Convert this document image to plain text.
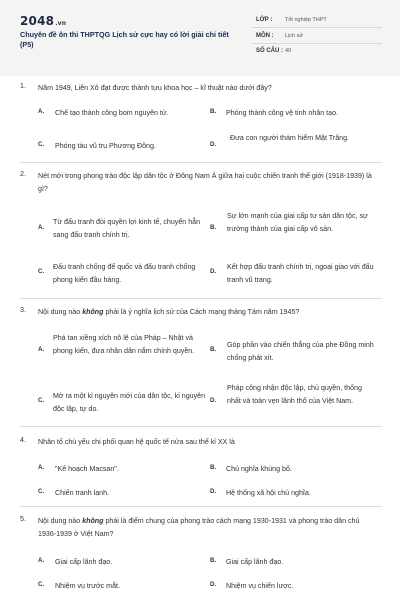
2048.vn
Chuyên đề ôn thi THPTQG Lịch sử cực hay có lời giải chi tiết (P5)
LỚP : Tốt nghiệp THPT
MÔN : Lịch sử
SỐ CÂU : 40
1. Năm 1949, Liên Xô đạt được thành tựu khoa học – kĩ thuật nào dưới đây?
A. Chế tạo thành công bom nguyên tử.	B. Phóng thành công vệ tinh nhân tạo.
C. Phóng tàu vũ trụ Phương Đông.	D.
Đưa con người thám hiểm Mặt Trăng.
2. Nét mới trong phong trào độc lập dân tộc ở Đông Nam Á giữa hai cuộc chiến tranh thế giới (1918-1939) là gì?
A.
Từ đấu tranh đòi quyền lợi kinh tế, chuyển hẳn sang đấu tranh chính trị.
B.
Sự lớn mạnh của giai cấp tư sản dân tộc, sự trưởng thành của giai cấp vô sản.
C.
Đấu tranh chống đế quốc và đấu tranh chống phong kiến đầu hàng.
D.
Kết hợp đấu tranh chính trị, ngoại giao với đấu tranh vũ trang.
3. Nội dung nào không phải là ý nghĩa lịch sử của Cách mạng tháng Tám năm 1945?
A.
Phá tan xiềng xích nô lệ của Pháp – Nhật và phong kiến, đưa nhân dân nắm chính quyền.	B.
Góp phần vào chiến thắng của phe Đồng minh chống phát xít.
C.
Mở ra một kỉ nguyên mới của dân tộc, kỉ nguyên độc lập, tự do.
D.
Pháp công nhận độc lập, chủ quyền, thống nhất và toàn vẹn lãnh thổ của Việt Nam.
4. Nhân tố chủ yếu chi phối quan hệ quốc tế nửa sau thế kỉ XX là
A. "Kế hoạch Macsan".	B. Chủ nghĩa khủng bố.
C. Chiến tranh lạnh.	D. Hệ thống xã hội chủ nghĩa.
5. Nội dung nào không phải là điểm chung của phong trào cách mạng 1930-1931 và phong trào dân chủ 1936-1939 ở Việt Nam?
A. Giai cấp lãnh đạo.	B. Giai cấp lãnh đạo.
C. Nhiệm vụ trước mắt.	D. Nhiệm vụ chiến lược.
